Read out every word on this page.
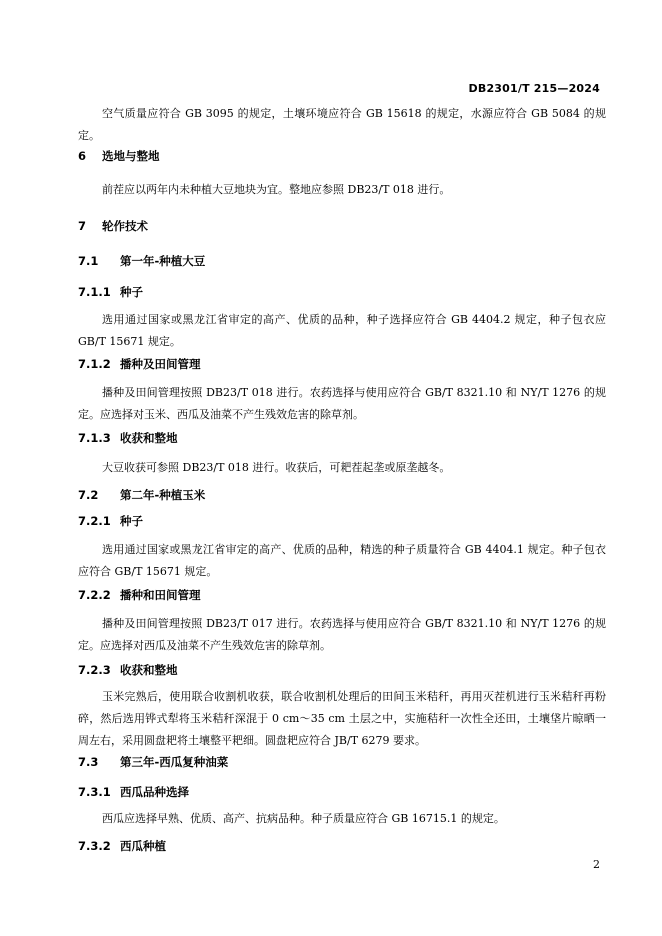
DB2301/T 215—2024
空气质量应符合 GB 3095 的规定，土壤环境应符合 GB 15618 的规定，水源应符合 GB 5084 的规定。
6 选地与整地
前茬应以两年内未种植大豆地块为宜。整地应参照 DB23/T 018 进行。
7 轮作技术
7.1 第一年-种植大豆
7.1.1 种子
选用通过国家或黑龙江省审定的高产、优质的品种，种子选择应符合 GB 4404.2 规定，种子包衣应 GB/T 15671 规定。
7.1.2 播种及田间管理
播种及田间管理按照 DB23/T 018 进行。农药选择与使用应符合 GB/T 8321.10 和 NY/T 1276 的规定。应选择对玉米、西瓜及油菜不产生残效危害的除草剂。
7.1.3 收获和整地
大豆收获可参照 DB23/T 018 进行。收获后，可耙茬起垄或原垄越冬。
7.2 第二年-种植玉米
7.2.1 种子
选用通过国家或黑龙江省审定的高产、优质的品种，精选的种子质量符合 GB 4404.1 规定。种子包衣应符合 GB/T 15671 规定。
7.2.2 播种和田间管理
播种及田间管理按照 DB23/T 017 进行。农药选择与使用应符合 GB/T 8321.10 和 NY/T 1276 的规定。应选择对西瓜及油菜不产生残效危害的除草剂。
7.2.3 收获和整地
玉米完熟后，使用联合收割机收获，联合收割机处理后的田间玉米秸秆，再用灭茬机进行玉米秸秆再粉碎，然后选用铧式犁将玉米秸秆深混于 0 cm～35 cm 土层之中，实施秸秆一次性全还田，土壤垡片晾晒一周左右，采用圆盘耙将土壤整平耙细。圆盘耙应符合 JB/T 6279 要求。
7.3 第三年-西瓜复种油菜
7.3.1 西瓜品种选择
西瓜应选择早熟、优质、高产、抗病品种。种子质量应符合 GB 16715.1 的规定。
7.3.2 西瓜种植
2
